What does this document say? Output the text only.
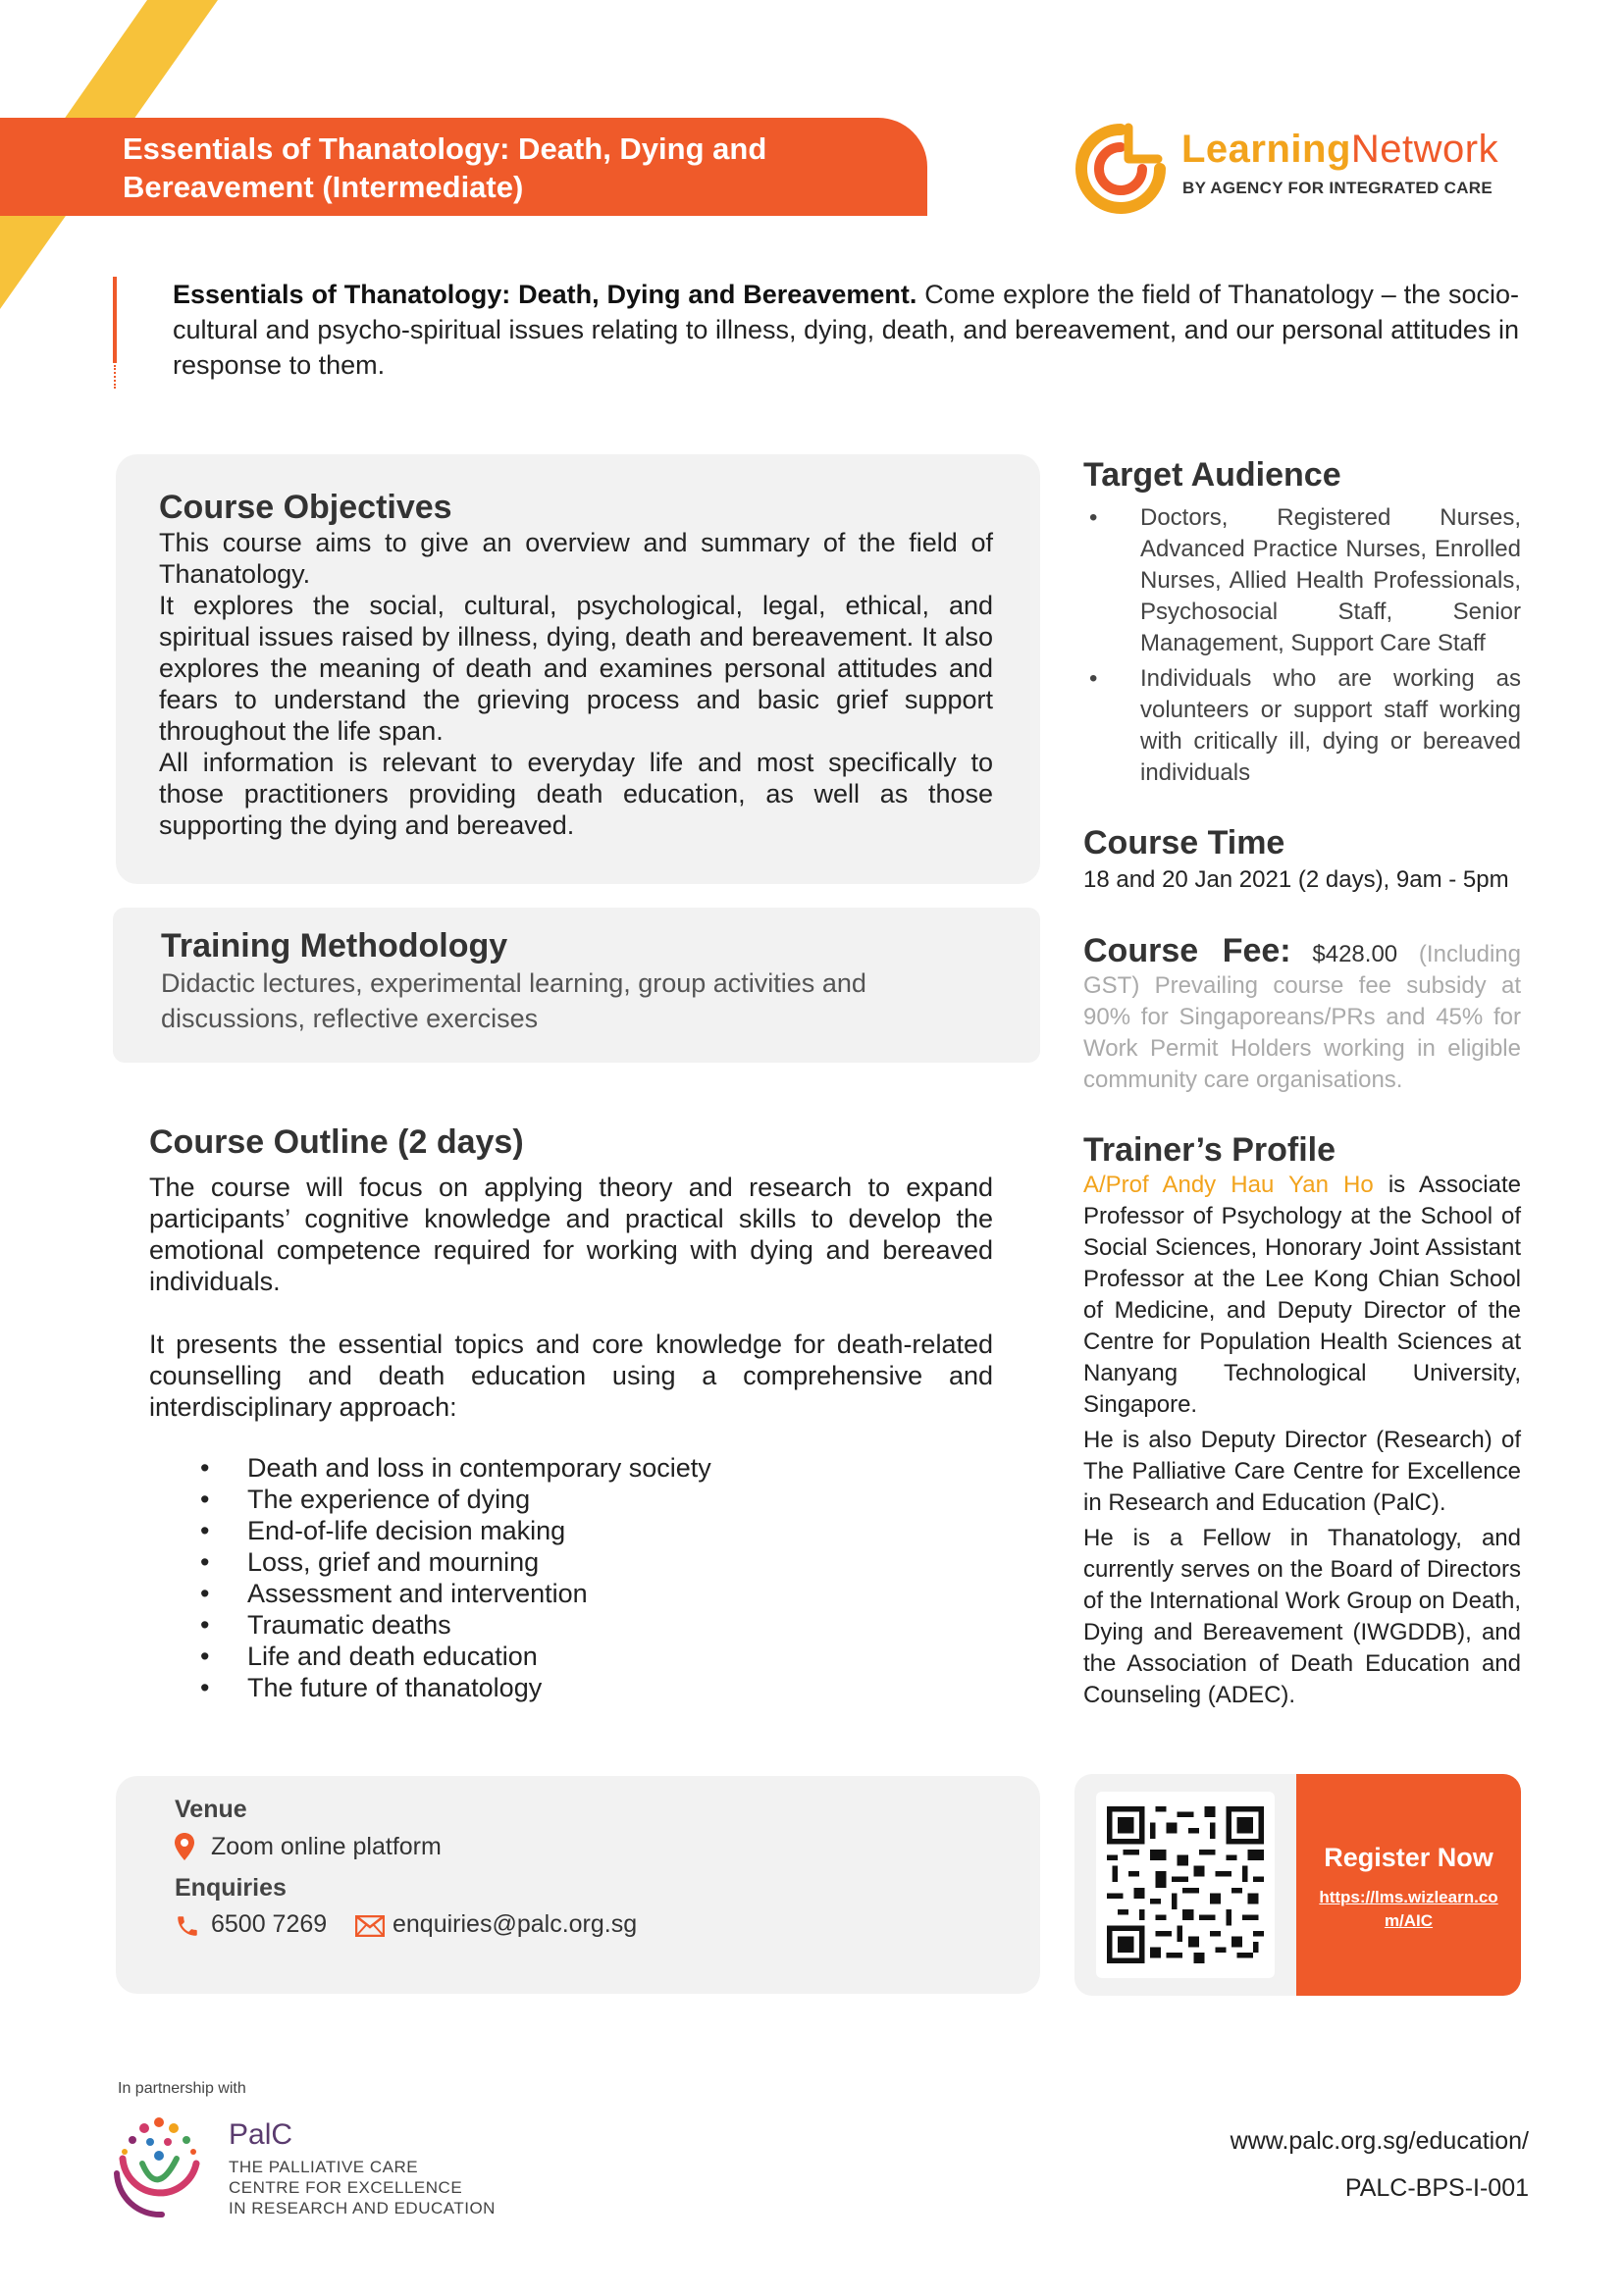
Essentials of Thanatology: Death, Dying and Bereavement (Intermediate)
LearningNetwork
BY AGENCY FOR INTEGRATED CARE
Essentials of Thanatology: Death, Dying and Bereavement. Come explore the field of Thanatology – the socio-cultural and psycho-spiritual issues relating to illness, dying, death, and bereavement, and our personal attitudes in response to them.
Course Objectives

This course aims to give an overview and summary of the field of Thanatology.

It explores the social, cultural, psychological, legal, ethical, and spiritual issues raised by illness, dying, death and bereavement. It also explores the meaning of death and examines personal attitudes and fears to understand the grieving process and basic grief support throughout the life span.

All information is relevant to everyday life and most specifically to those practitioners providing death education, as well as those supporting the dying and bereaved.

Training Methodology

Didactic lectures, experimental learning, group activities and discussions, reflective exercises

Course Outline (2 days)

The course will focus on applying theory and research to expand participants’ cognitive knowledge and practical skills to develop the emotional competence required for working with dying and bereaved individuals.

It presents the essential topics and core knowledge for death-related counselling and death education using a comprehensive and interdisciplinary approach:

• Death and loss in contemporary society
• The experience of dying
• End-of-life decision making
• Loss, grief and mourning
• Assessment and intervention
• Traumatic deaths
• Life and death education
• The future of thanatology
Venue
Zoom online platform
Enquiries
6500 7269	enquiries@palc.org.sg
Target Audience
• Doctors, Registered Nurses, Advanced Practice Nurses, Enrolled Nurses, Allied Health Professionals, Psychosocial Staff, Senior Management, Support Care Staff
• Individuals who are working as volunteers or support staff working with critically ill, dying or bereaved individuals
Course Time
18 and 20 Jan 2021 (2 days), 9am - 5pm
Course Fee: $428.00 (Including GST) Prevailing course fee subsidy at 90% for Singaporeans/PRs and 45% for Work Permit Holders working in eligible community care organisations.
Trainer’s Profile
A/Prof Andy Hau Yan Ho is Associate Professor of Psychology at the School of Social Sciences, Honorary Joint Assistant Professor at the Lee Kong Chian School of Medicine, and Deputy Director of the Centre for Population Health Sciences at Nanyang Technological University, Singapore.
He is also Deputy Director (Research) of The Palliative Care Centre for Excellence in Research and Education (PalC).
He is a Fellow in Thanatology, and currently serves on the Board of Directors of the International Work Group on Death, Dying and Bereavement (IWGDDB), and the Association of Death Education and Counseling (ADEC).
Register Now
https://lms.wizlearn.com/AIC
In partnership with
PalC
THE PALLIATIVE CARE
CENTRE FOR EXCELLENCE
IN RESEARCH AND EDUCATION
www.palc.org.sg/education/
PALC-BPS-I-001
